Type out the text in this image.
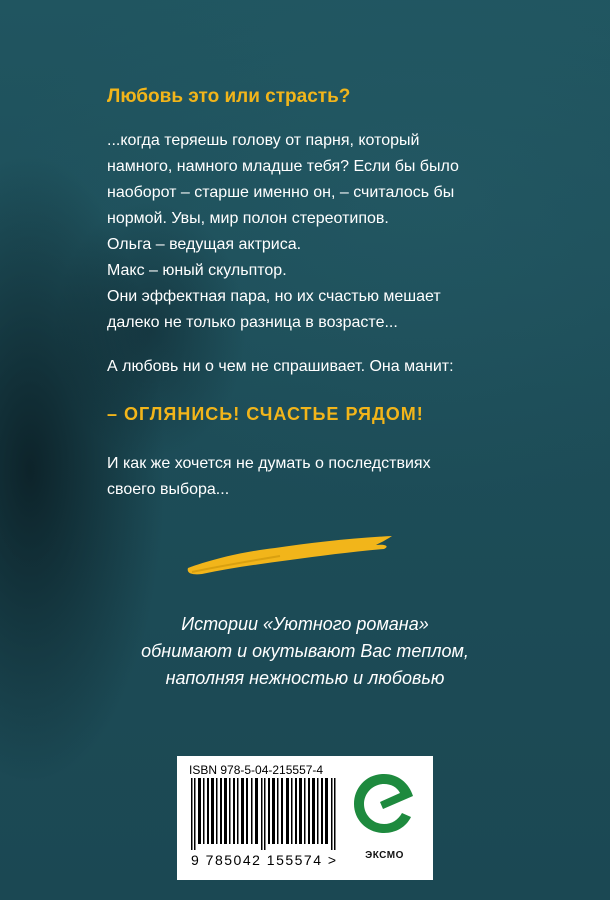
Любовь это или страсть?
...когда теряешь голову от парня, который
намного, намного младше тебя? Если бы было
наоборот – старше именно он, – считалось бы
нормой. Увы, мир полон стереотипов.
Ольга – ведущая актриса.
Макс – юный скульптор.
Они эффектная пара, но их счастью мешает
далеко не только разница в возрасте...

А любовь ни о чем не спрашивает. Она манит:

– ОГЛЯНИСЬ! СЧАСТЬЕ РЯДОМ!

И как же хочется не думать о последствиях
своего выбора...
Истории «Уютного романа»
обнимают и окутывают Вас теплом,
наполняя нежностью и любовью
ISBN 978-5-04-215557-4
9 785042 155574 >	ЭКСМО
